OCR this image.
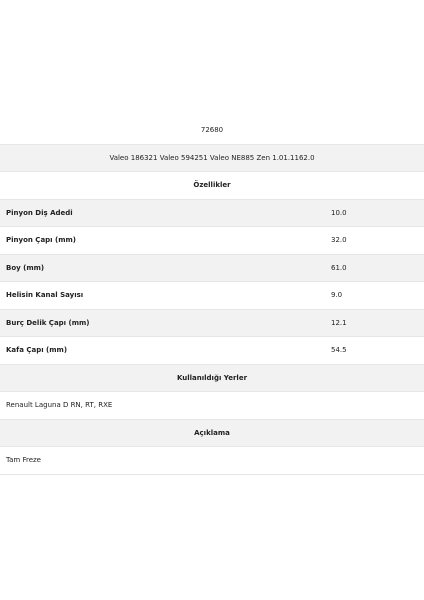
72680
Valeo 186321 Valeo 594251 Valeo NE885 Zen 1.01.1162.0
Özellikler
Pinyon Diş Adedi	10.0
Pinyon Çapı (mm)	32.0
Boy (mm)	61.0
Helisin Kanal Sayısı	9.0
Burç Delik Çapı (mm)	12.1
Kafa Çapı (mm)	54.5
Kullanıldığı Yerler
Renault Laguna D RN, RT, RXE
Açıklama
Tam Freze
